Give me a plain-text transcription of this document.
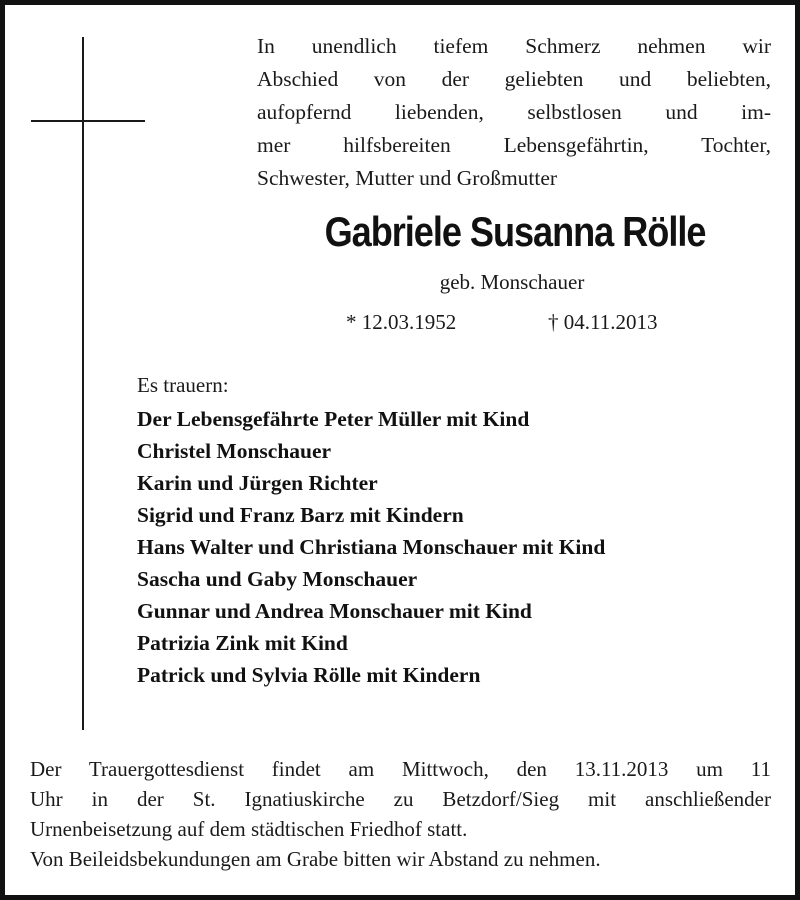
In unendlich tiefem Schmerz nehmen wir
Abschied von der geliebten und beliebten,
aufopfernd liebenden, selbstlosen und im-
mer hilfsbereiten Lebensgefährtin, Tochter,
Schwester, Mutter und Großmutter
Gabriele Susanna Rölle
geb. Monschauer
* 12.03.1952	† 04.11.2013
Es trauern:
Der Lebensgefährte Peter Müller mit Kind
Christel Monschauer
Karin und Jürgen Richter
Sigrid und Franz Barz mit Kindern
Hans Walter und Christiana Monschauer mit Kind
Sascha und Gaby Monschauer
Gunnar und Andrea Monschauer mit Kind
Patrizia Zink mit Kind
Patrick und Sylvia Rölle mit Kindern
Der Trauergottesdienst findet am Mittwoch, den 13.11.2013 um 11
Uhr in der St. Ignatiuskirche zu Betzdorf/Sieg mit anschließender
Urnenbeisetzung auf dem städtischen Friedhof statt.
Von Beileidsbekundungen am Grabe bitten wir Abstand zu nehmen.
